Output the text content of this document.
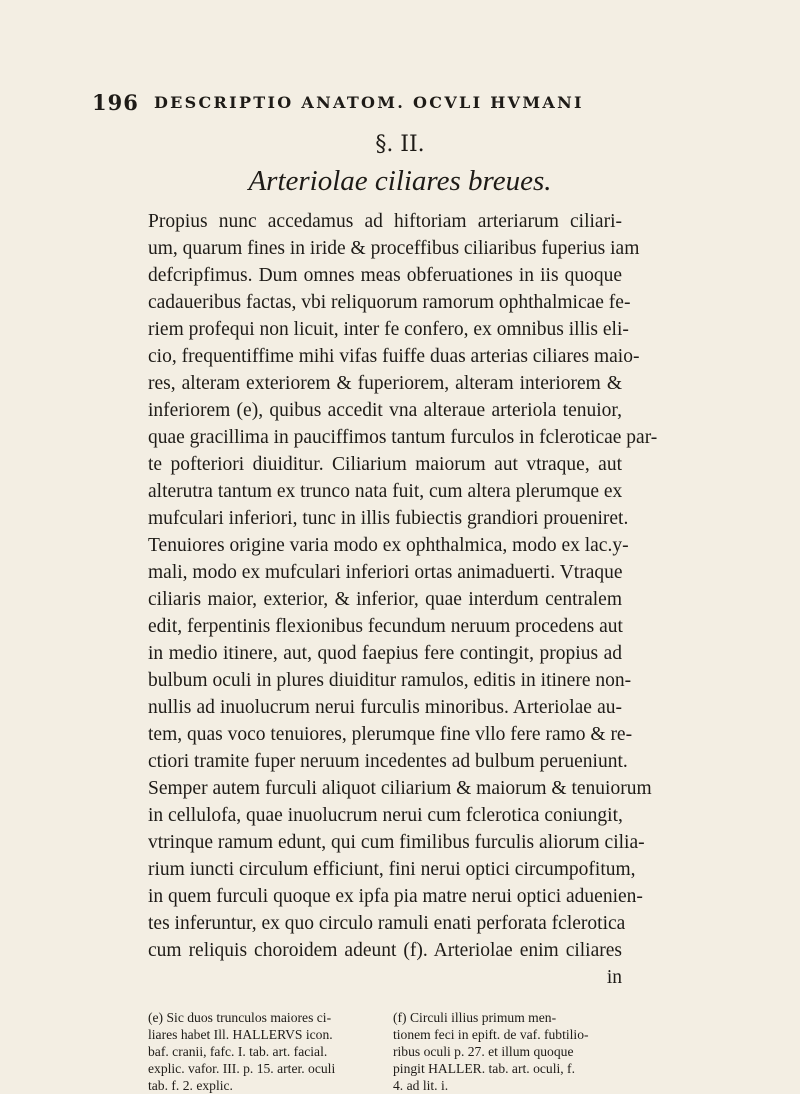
196 DESCRIPTIO ANATOM. OCVLI HVMANI
§. II.
Arteriolae ciliares breues.
Propius nunc accedamus ad hiftoriam arteriarum ciliari-
um, quarum fines in iride & proceffibus ciliaribus fuperius iam
defcripfimus. Dum omnes meas obferuationes in iis quoque
cadaueribus factas, vbi reliquorum ramorum ophthalmicae fe-
riem profequi non licuit, inter fe confero, ex omnibus illis eli-
cio, frequentiffime mihi vifas fuiffe duas arterias ciliares maio-
res, alteram exteriorem & fuperiorem, alteram interiorem &
inferiorem (e), quibus accedit vna alteraue arteriola tenuior,
quae gracillima in pauciffimos tantum furculos in fcleroticae par-
te pofteriori diuiditur. Ciliarium maiorum aut vtraque, aut
alterutra tantum ex trunco nata fuit, cum altera plerumque ex
mufculari inferiori, tunc in illis fubiectis grandiori proueniret.
Tenuiores origine varia modo ex ophthalmica, modo ex lac.y-
mali, modo ex mufculari inferiori ortas animaduerti. Vtraque
ciliaris maior, exterior, & inferior, quae interdum centralem
edit, ferpentinis flexionibus fecundum neruum procedens aut
in medio itinere, aut, quod faepius fere contingit, propius ad
bulbum oculi in plures diuiditur ramulos, editis in itinere non-
nullis ad inuolucrum nerui furculis minoribus. Arteriolae au-
tem, quas voco tenuiores, plerumque fine vllo fere ramo & re-
ctiori tramite fuper neruum incedentes ad bulbum perueniunt.
Semper autem furculi aliquot ciliarium & maiorum & tenuiorum
in cellulofa, quae inuolucrum nerui cum fclerotica coniungit,
vtrinque ramum edunt, qui cum fimilibus furculis aliorum cilia-
rium iuncti circulum efficiunt, fini nerui optici circumpofitum,
in quem furculi quoque ex ipfa pia matre nerui optici aduenien-
tes inferuntur, ex quo circulo ramuli enati perforata fclerotica
cum reliquis choroidem adeunt (f). Arteriolae enim ciliares
in
(e) Sic duos trunculos maiores ci-
liares habet Ill. HALLERVS icon.
baf. cranii, fafc. I. tab. art. facial.
explic. vafor. III. p. 15. arter. oculi
tab. f. 2. explic.
(f) Circuli illius primum men-
tionem feci in epift. de vaf. fubtilio-
ribus oculi p. 27. et illum quoque
pingit HALLER. tab. art. oculi, f.
4. ad lit. i.
